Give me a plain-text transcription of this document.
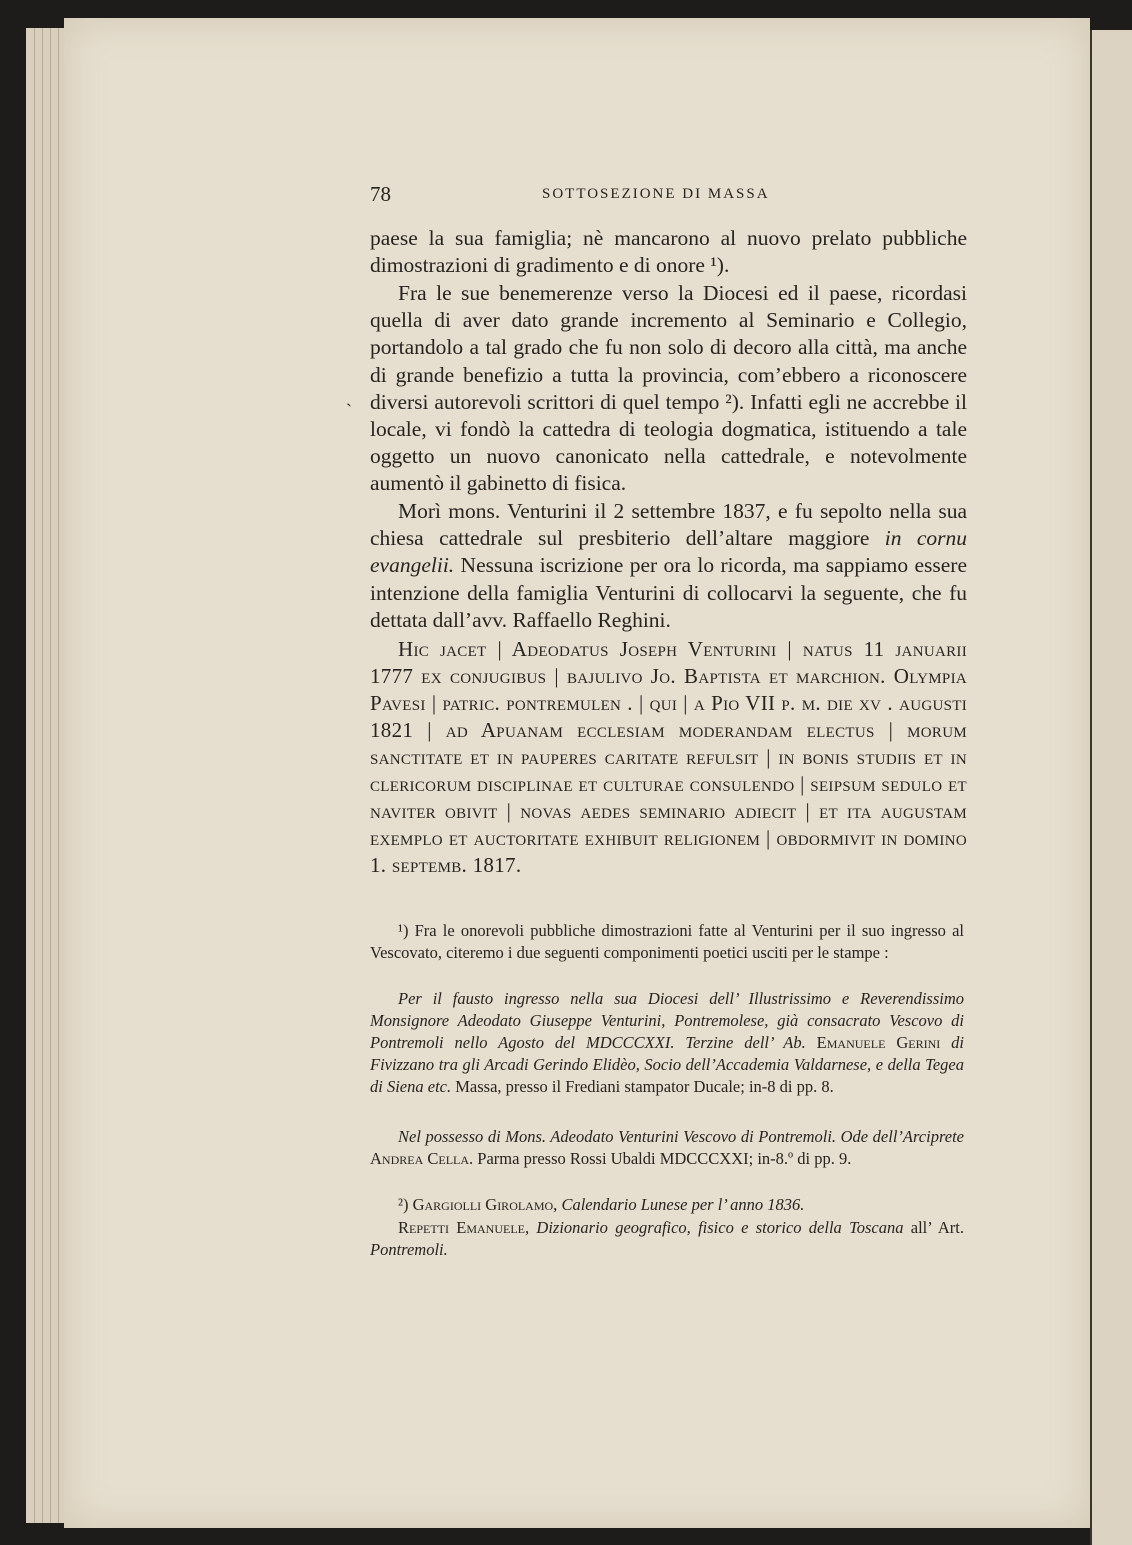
78	SOTTOSEZIONE DI MASSA
˴

paese la sua famiglia; nè mancarono al nuovo prelato pubbliche dimostrazioni di gradimento e di onore ¹).

Fra le sue benemerenze verso la Diocesi ed il paese, ricordasi quella di aver dato grande incremento al Seminario e Collegio, portandolo a tal grado che fu non solo di decoro alla città, ma anche di grande benefizio a tutta la provincia, com’ebbero a riconoscere diversi autorevoli scrittori di quel tempo ²). Infatti egli ne accrebbe il locale, vi fondò la cattedra di teologia dogmatica, istituendo a tale oggetto un nuovo canonicato nella cattedrale, e notevolmente aumentò il gabinetto di fisica.

Morì mons. Venturini il 2 settembre 1837, e fu sepolto nella sua chiesa cattedrale sul presbiterio dell’altare maggiore in cornu evangelii. Nessuna iscrizione per ora lo ricorda, ma sappiamo essere intenzione della famiglia Venturini di collocarvi la seguente, che fu dettata dall’avv. Raffaello Reghini.

Hic jacet | Adeodatus Joseph Venturini | natus 11 januarii 1777 ex conjugibus | bajulivo Jo. Baptista et marchion. Olympia Pavesi | patric. pontremulen . | qui | a Pio VII p. m. die xv . augusti 1821 | ad Apuanam ecclesiam moderandam electus | morum sanctitate et in pauperes caritate refulsit | in bonis studiis et in clericorum disciplinae et culturae consulendo | seipsum sedulo et naviter obivit | novas aedes seminario adiecit | et ita augustam exemplo et auctoritate exhibuit religionem | obdormivit in domino 1. septemb. 1817.

¹) Fra le onorevoli pubbliche dimostrazioni fatte al Venturini per il suo ingresso al Vescovato, citeremo i due seguenti componimenti poetici usciti per le stampe :

Per il fausto ingresso nella sua Diocesi dell’ Illustrissimo e Reverendissimo Monsignore Adeodato Giuseppe Venturini, Pontremolese, già consacrato Vescovo di Pontremoli nello Agosto del MDCCCXXI. Terzine dell’ Ab. Emanuele Gerini di Fivizzano tra gli Arcadi Gerindo Elidèo, Socio dell’Accademia Valdarnese, e della Tegea di Siena etc. Massa, presso il Frediani stampator Ducale; in-8 di pp. 8.

Nel possesso di Mons. Adeodato Venturini Vescovo di Pontremoli. Ode dell’Arciprete Andrea Cella. Parma presso Rossi Ubaldi MDCCCXXI; in-8.º di pp. 9.

²) Gargiolli Girolamo, Calendario Lunese per l’ anno 1836.

Repetti Emanuele, Dizionario geografico, fisico e storico della Toscana all’ Art. Pontremoli.
